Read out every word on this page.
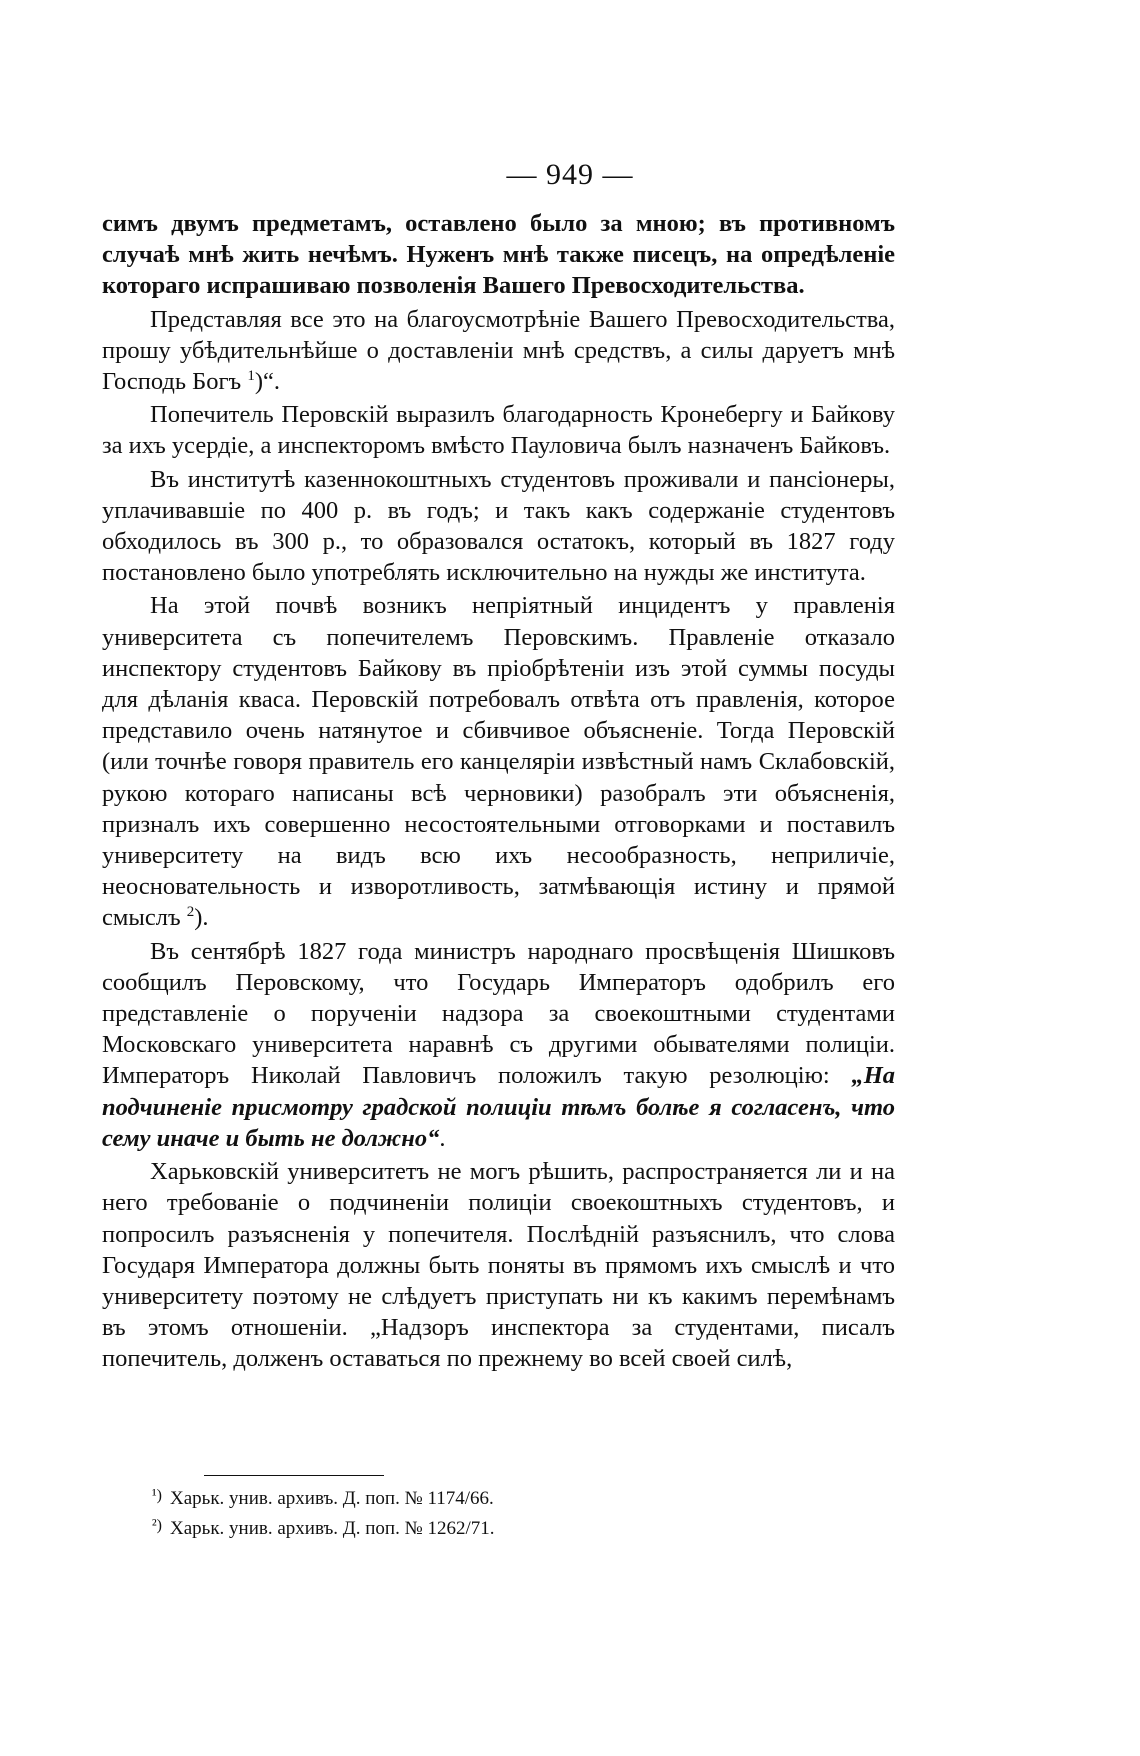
— 949 —

симъ двумъ предметамъ, оставлено было за мною; въ противномъ случаѣ мнѣ жить нечѣмъ. Нуженъ мнѣ также писецъ, на опредѣленіе котораго испрашиваю позволенія Вашего Превосходительства.

Представляя все это на благоусмотрѣніе Вашего Превосходительства, прошу убѣдительнѣйше о доставленіи мнѣ средствъ, а силы даруетъ мнѣ Господь Богъ $^1$)“.

Попечитель Перовскій выразилъ благодарность Кронебергу и Байкову за ихъ усердіе, а инспекторомъ вмѣсто Пауловича былъ назначенъ Байковъ.

Въ институтѣ казеннокоштныхъ студентовъ проживали и пансіонеры, уплачивавшіе по 400 р. въ годъ; и такъ какъ содержаніе студентовъ обходилось въ 300 р., то образовался остатокъ, который въ 1827 году постановлено было употреблять исключительно на нужды же института.

На этой почвѣ возникъ непріятный инцидентъ у правленія университета съ попечителемъ Перовскимъ. Правленіе отказало инспектору студентовъ Байкову въ пріобрѣтеніи изъ этой суммы посуды для дѣланія кваса. Перовскій потребовалъ отвѣта отъ правленія, которое представило очень натянутое и сбивчивое объясненіе. Тогда Перовскій (или точнѣе говоря правитель его канцеляріи извѣстный намъ Склабовскій, рукою котораго написаны всѣ черновики) разобралъ эти объясненія, призналъ ихъ совершенно несостоятельными отговорками и поставилъ университету на видъ всю ихъ несообразность, неприличіе, неосновательность и изворотливость, затмѣвающія истину и прямой смыслъ $^2$).

Въ сентябрѣ 1827 года министръ народнаго просвѣщенія Шишковъ сообщилъ Перовскому, что Государь Императоръ одобрилъ его представленіе о порученіи надзора за своекоштными студентами Московскаго университета наравнѣ съ другими обывателями полиціи. Императоръ Николай Павловичъ положилъ такую резолюцію: „На подчиненіе присмотру градской полиціи тѣмъ болѣе я согласенъ, что сему иначе и быть не должно“.

Харьковскій университетъ не могъ рѣшить, распространяется ли и на него требованіе о подчиненіи полиціи своекоштныхъ студентовъ, и попросилъ разъясненія у попечителя. Послѣдній разъяснилъ, что слова Государя Императора должны быть поняты въ прямомъ ихъ смыслѣ и что университету поэтому не слѣдуетъ приступать ни къ какимъ перемѣнамъ въ этомъ отношеніи. „Надзоръ инспектора за студентами, писалъ попечитель, долженъ оставаться по прежнему во всей своей силѣ,

¹) Харьк. унив. архивъ. Д. поп. № 1174/66.
²) Харьк. унив. архивъ. Д. поп. № 1262/71.
